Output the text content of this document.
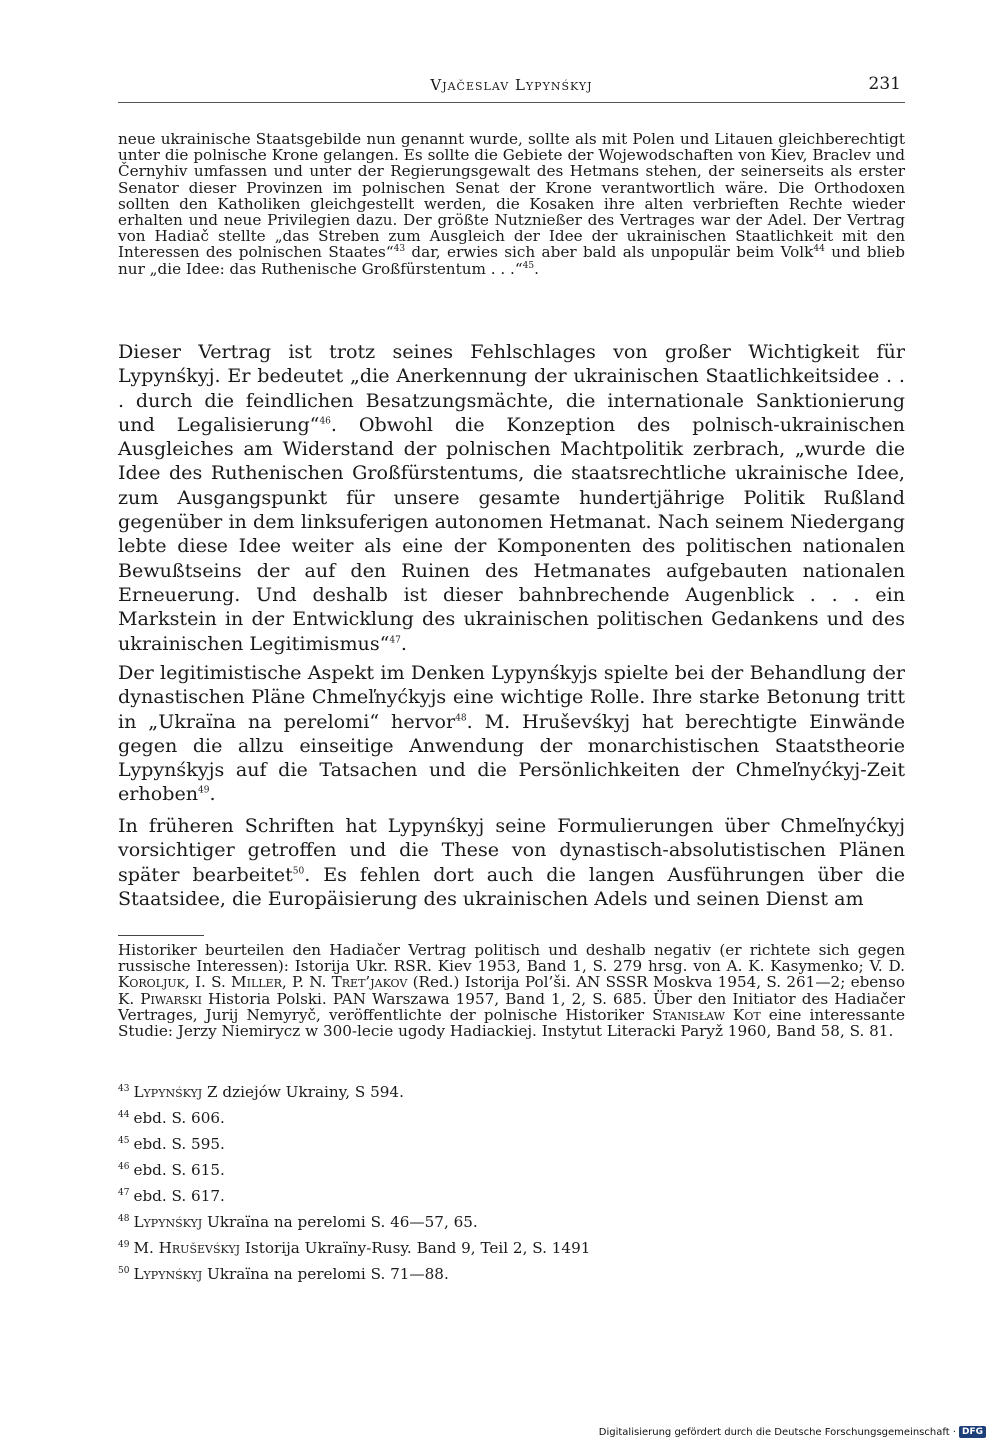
Vjačeslav Lypynśkyj	231

neue ukrainische Staatsgebilde nun genannt wurde, sollte als mit Polen und Litauen gleichberechtigt unter die polnische Krone gelangen. Es sollte die Gebiete der Wojewodschaften von Kiev, Braclev und Černyhiv umfassen und unter der Regierungsgewalt des Hetmans stehen, der seinerseits als erster Senator dieser Provinzen im polnischen Senat der Krone verantwortlich wäre. Die Orthodoxen sollten den Katholiken gleichgestellt werden, die Kosaken ihre alten verbrieften Rechte wieder erhalten und neue Privilegien dazu. Der größte Nutznießer des Vertrages war der Adel. Der Vertrag von Hadiač stellte „das Streben zum Ausgleich der Idee der ukrainischen Staatlichkeit mit den Interessen des polnischen Staates“$^{43}$ dar, erwies sich aber bald als unpopulär beim Volk$^{44}$ und blieb nur „die Idee: das Ruthenische Großfürstentum . . .“$^{45}$.

Dieser Vertrag ist trotz seines Fehlschlages von großer Wichtigkeit für Lypynśkyj. Er bedeutet „die Anerkennung der ukrainischen Staatlichkeitsidee . . . durch die feindlichen Besatzungsmächte, die internationale Sanktionierung und Legalisierung“$^{46}$. Obwohl die Konzeption des polnisch-ukrainischen Ausgleiches am Widerstand der polnischen Machtpolitik zerbrach, „wurde die Idee des Ruthenischen Großfürstentums, die staatsrechtliche ukrainische Idee, zum Ausgangspunkt für unsere gesamte hundertjährige Politik Rußland gegenüber in dem linksuferigen autonomen Hetmanat. Nach seinem Niedergang lebte diese Idee weiter als eine der Komponenten des politischen nationalen Bewußtseins der auf den Ruinen des Hetmanates aufgebauten nationalen Erneuerung. Und deshalb ist dieser bahnbrechende Augenblick . . . ein Markstein in der Entwicklung des ukrainischen politischen Gedankens und des ukrainischen Legitimismus“$^{47}$.

Der legitimistische Aspekt im Denken Lypynśkyjs spielte bei der Behandlung der dynastischen Pläne Chmeľnyćkyjs eine wichtige Rolle. Ihre starke Betonung tritt in „Ukraïna na perelomi“ hervor$^{48}$. M. Hruševśkyj hat berechtigte Einwände gegen die allzu einseitige Anwendung der monarchistischen Staatstheorie Lypynśkyjs auf die Tatsachen und die Persönlichkeiten der Chmeľnyćkyj-Zeit erhoben$^{49}$.

In früheren Schriften hat Lypynśkyj seine Formulierungen über Chmeľnyćkyj vorsichtiger getroffen und die These von dynastisch-absolutistischen Plänen später bearbeitet$^{50}$. Es fehlen dort auch die langen Ausführungen über die Staatsidee, die Europäisierung des ukrainischen Adels und seinen Dienst am

Historiker beurteilen den Hadiačer Vertrag politisch und deshalb negativ (er richtete sich gegen russische Interessen): Istorija Ukr. RSR. Kiev 1953, Band 1, S. 279 hrsg. von A. K. Kasymenko; V. D. Koroljuk, I. S. Miller, P. N. Tret’jakov (Red.) Istorija Pol’ši. AN SSSR Moskva 1954, S. 261—2; ebenso K. Piwarski Historia Polski. PAN Warszawa 1957, Band 1, 2, S. 685. Über den Initiator des Hadiačer Vertrages, Jurij Nemyryč, veröffentlichte der polnische Historiker Stanisław Kot eine interessante Studie: Jerzy Niemirycz w 300-lecie ugody Hadiackiej. Instytut Literacki Paryž 1960, Band 58, S. 81.

$^{43}$ Lypynśkyj Z dziejów Ukrainy, S 594.
$^{44}$ ebd. S. 606.
$^{45}$ ebd. S. 595.
$^{46}$ ebd. S. 615.
$^{47}$ ebd. S. 617.
$^{48}$ Lypynśkyj Ukraïna na perelomi S. 46—57, 65.
$^{49}$ M. Hruševśkyj Istorija Ukraïny-Rusy. Band 9, Teil 2, S. 1491
$^{50}$ Lypynśkyj Ukraïna na perelomi S. 71—88.
Digitalisierung gefördert durch die Deutsche Forschungsgemeinschaft · DFG
